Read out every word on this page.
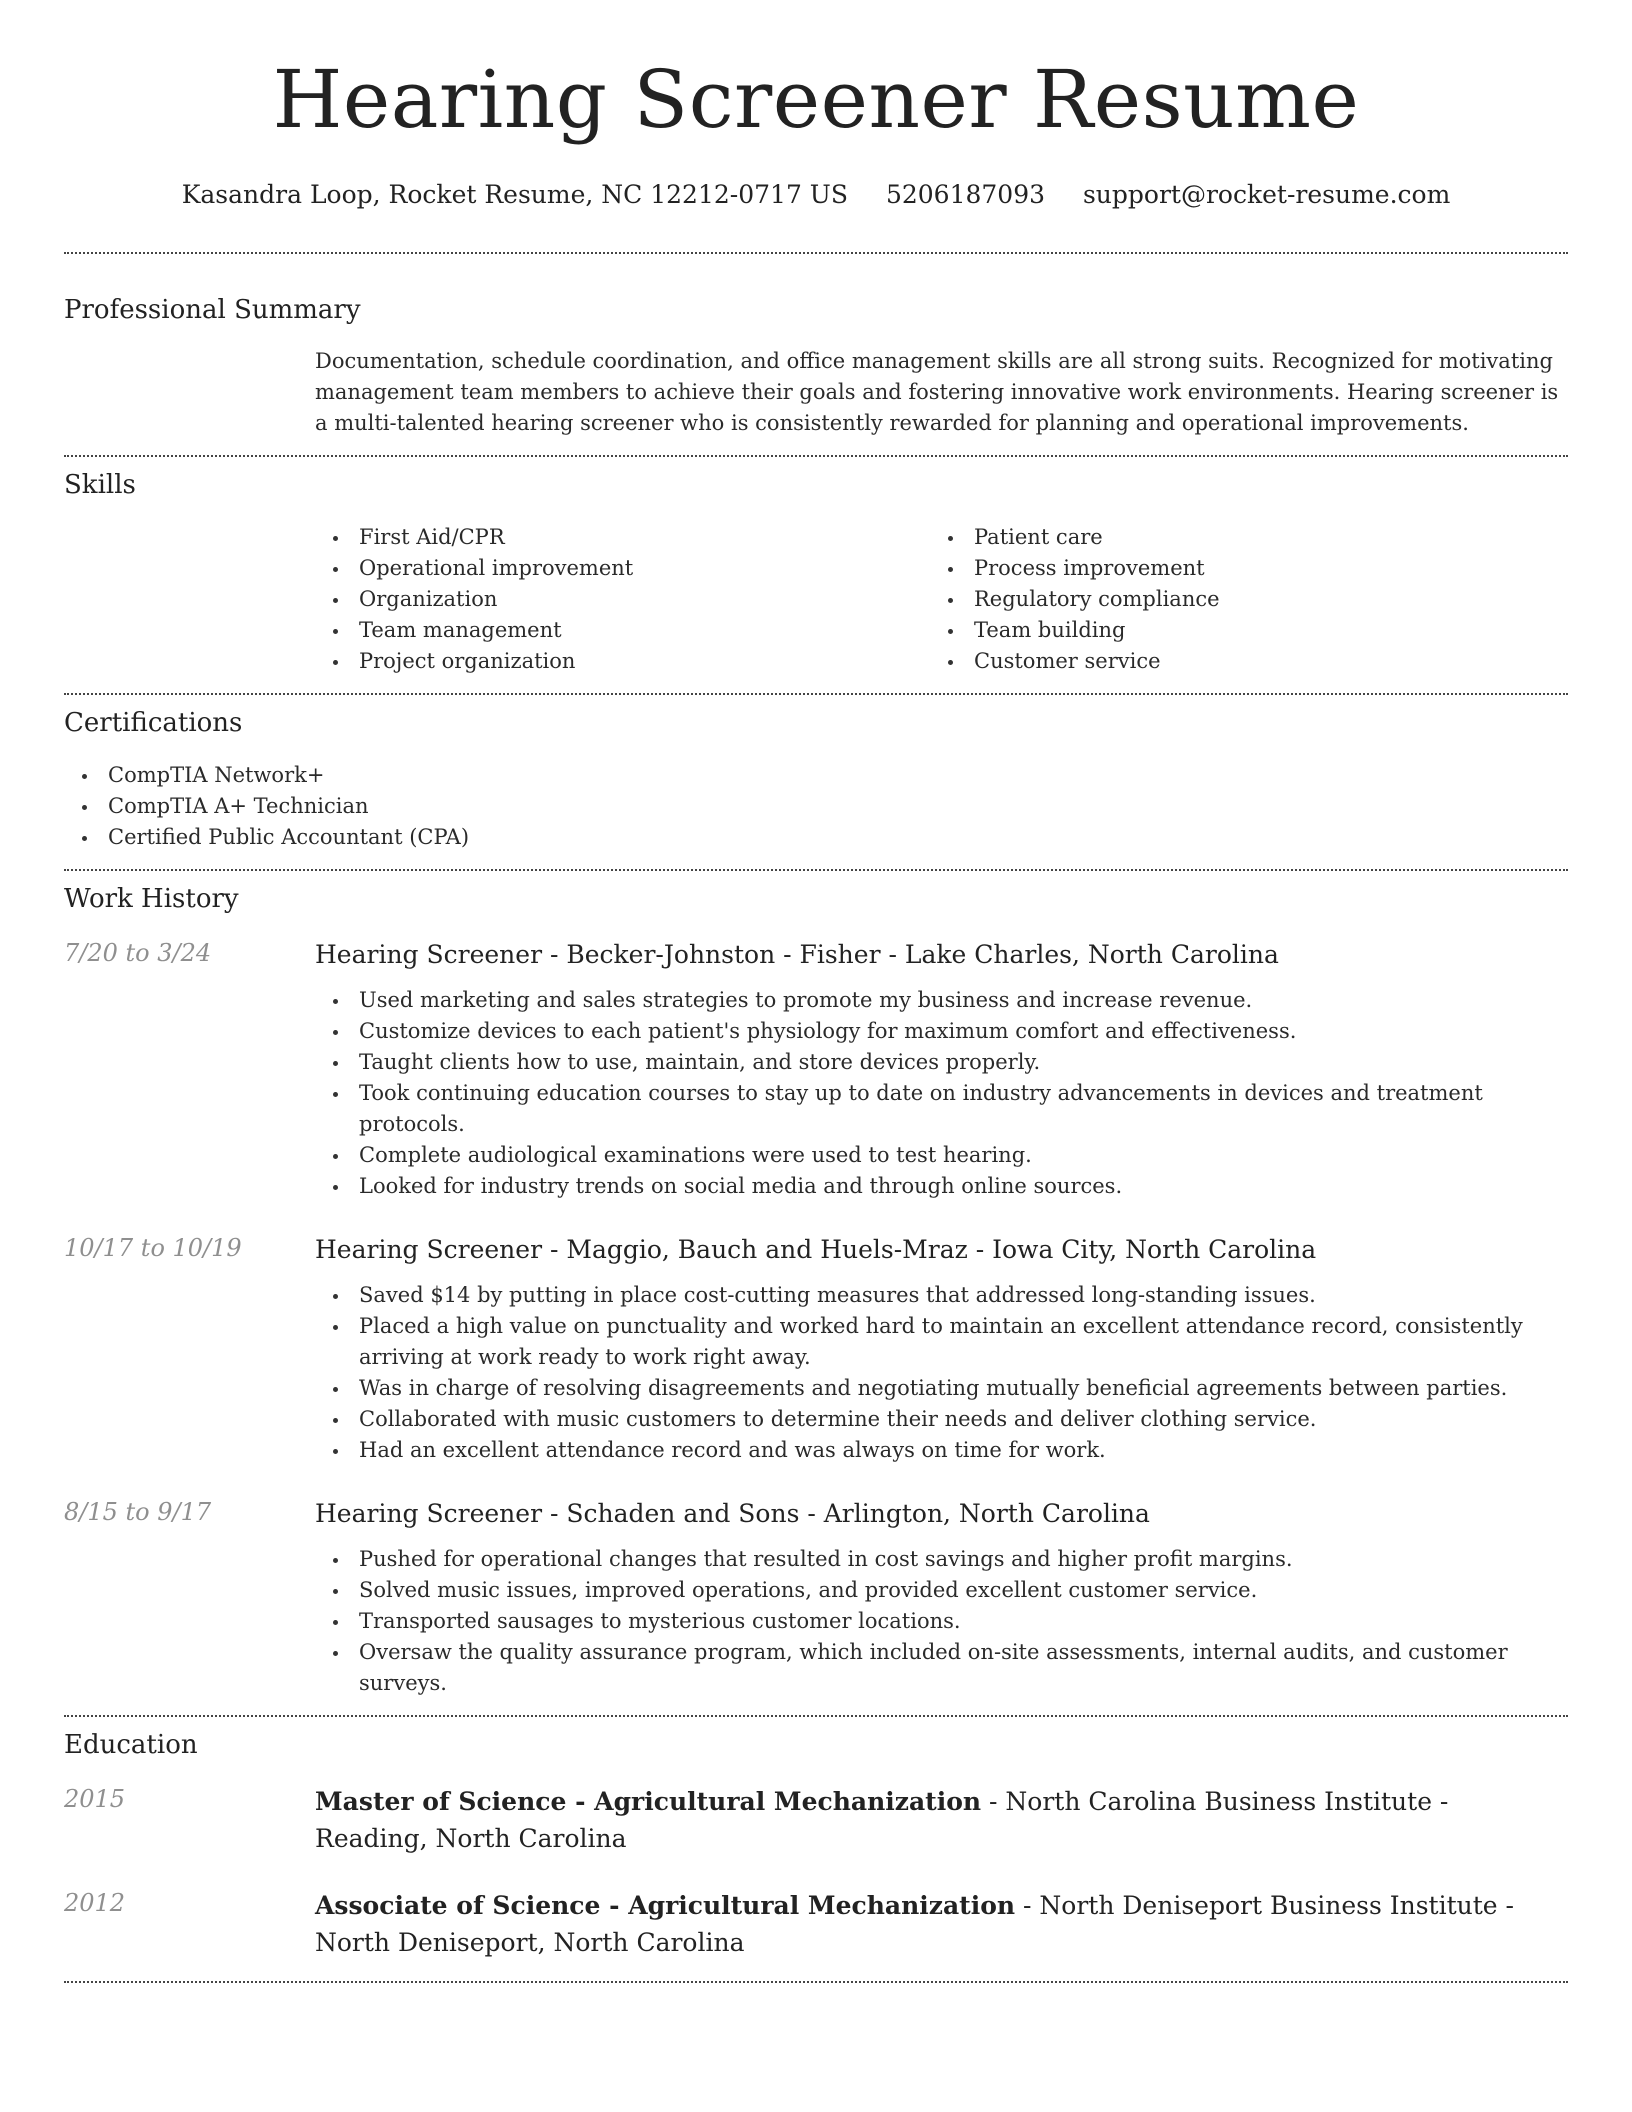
Hearing Screener Resume
Kasandra Loop, Rocket Resume, NC 12212-0717 US 5206187093 support@rocket-resume.com
Professional Summary
Documentation, schedule coordination, and office management skills are all strong suits. Recognized for motivating management team members to achieve their goals and fostering innovative work environments. Hearing screener is a multi-talented hearing screener who is consistently rewarded for planning and operational improvements.
Skills
First Aid/CPR
Operational improvement
Organization
Team management
Project organization
Patient care
Process improvement
Regulatory compliance
Team building
Customer service
Certifications
CompTIA Network+
CompTIA A+ Technician
Certified Public Accountant (CPA)
Work History
7/20 to 3/24	Hearing Screener - Becker-Johnston - Fisher - Lake Charles, North Carolina
Used marketing and sales strategies to promote my business and increase revenue.
Customize devices to each patient's physiology for maximum comfort and effectiveness.
Taught clients how to use, maintain, and store devices properly.
Took continuing education courses to stay up to date on industry advancements in devices and treatment protocols.
Complete audiological examinations were used to test hearing.
Looked for industry trends on social media and through online sources.
10/17 to 10/19	Hearing Screener - Maggio, Bauch and Huels-Mraz - Iowa City, North Carolina
Saved $14 by putting in place cost-cutting measures that addressed long-standing issues.
Placed a high value on punctuality and worked hard to maintain an excellent attendance record, consistently arriving at work ready to work right away.
Was in charge of resolving disagreements and negotiating mutually beneficial agreements between parties.
Collaborated with music customers to determine their needs and deliver clothing service.
Had an excellent attendance record and was always on time for work.
8/15 to 9/17	Hearing Screener - Schaden and Sons - Arlington, North Carolina
Pushed for operational changes that resulted in cost savings and higher profit margins.
Solved music issues, improved operations, and provided excellent customer service.
Transported sausages to mysterious customer locations.
Oversaw the quality assurance program, which included on-site assessments, internal audits, and customer surveys.
Education
2015	Master of Science - Agricultural Mechanization - North Carolina Business Institute - Reading, North Carolina
2012	Associate of Science - Agricultural Mechanization - North Deniseport Business Institute - North Deniseport, North Carolina
